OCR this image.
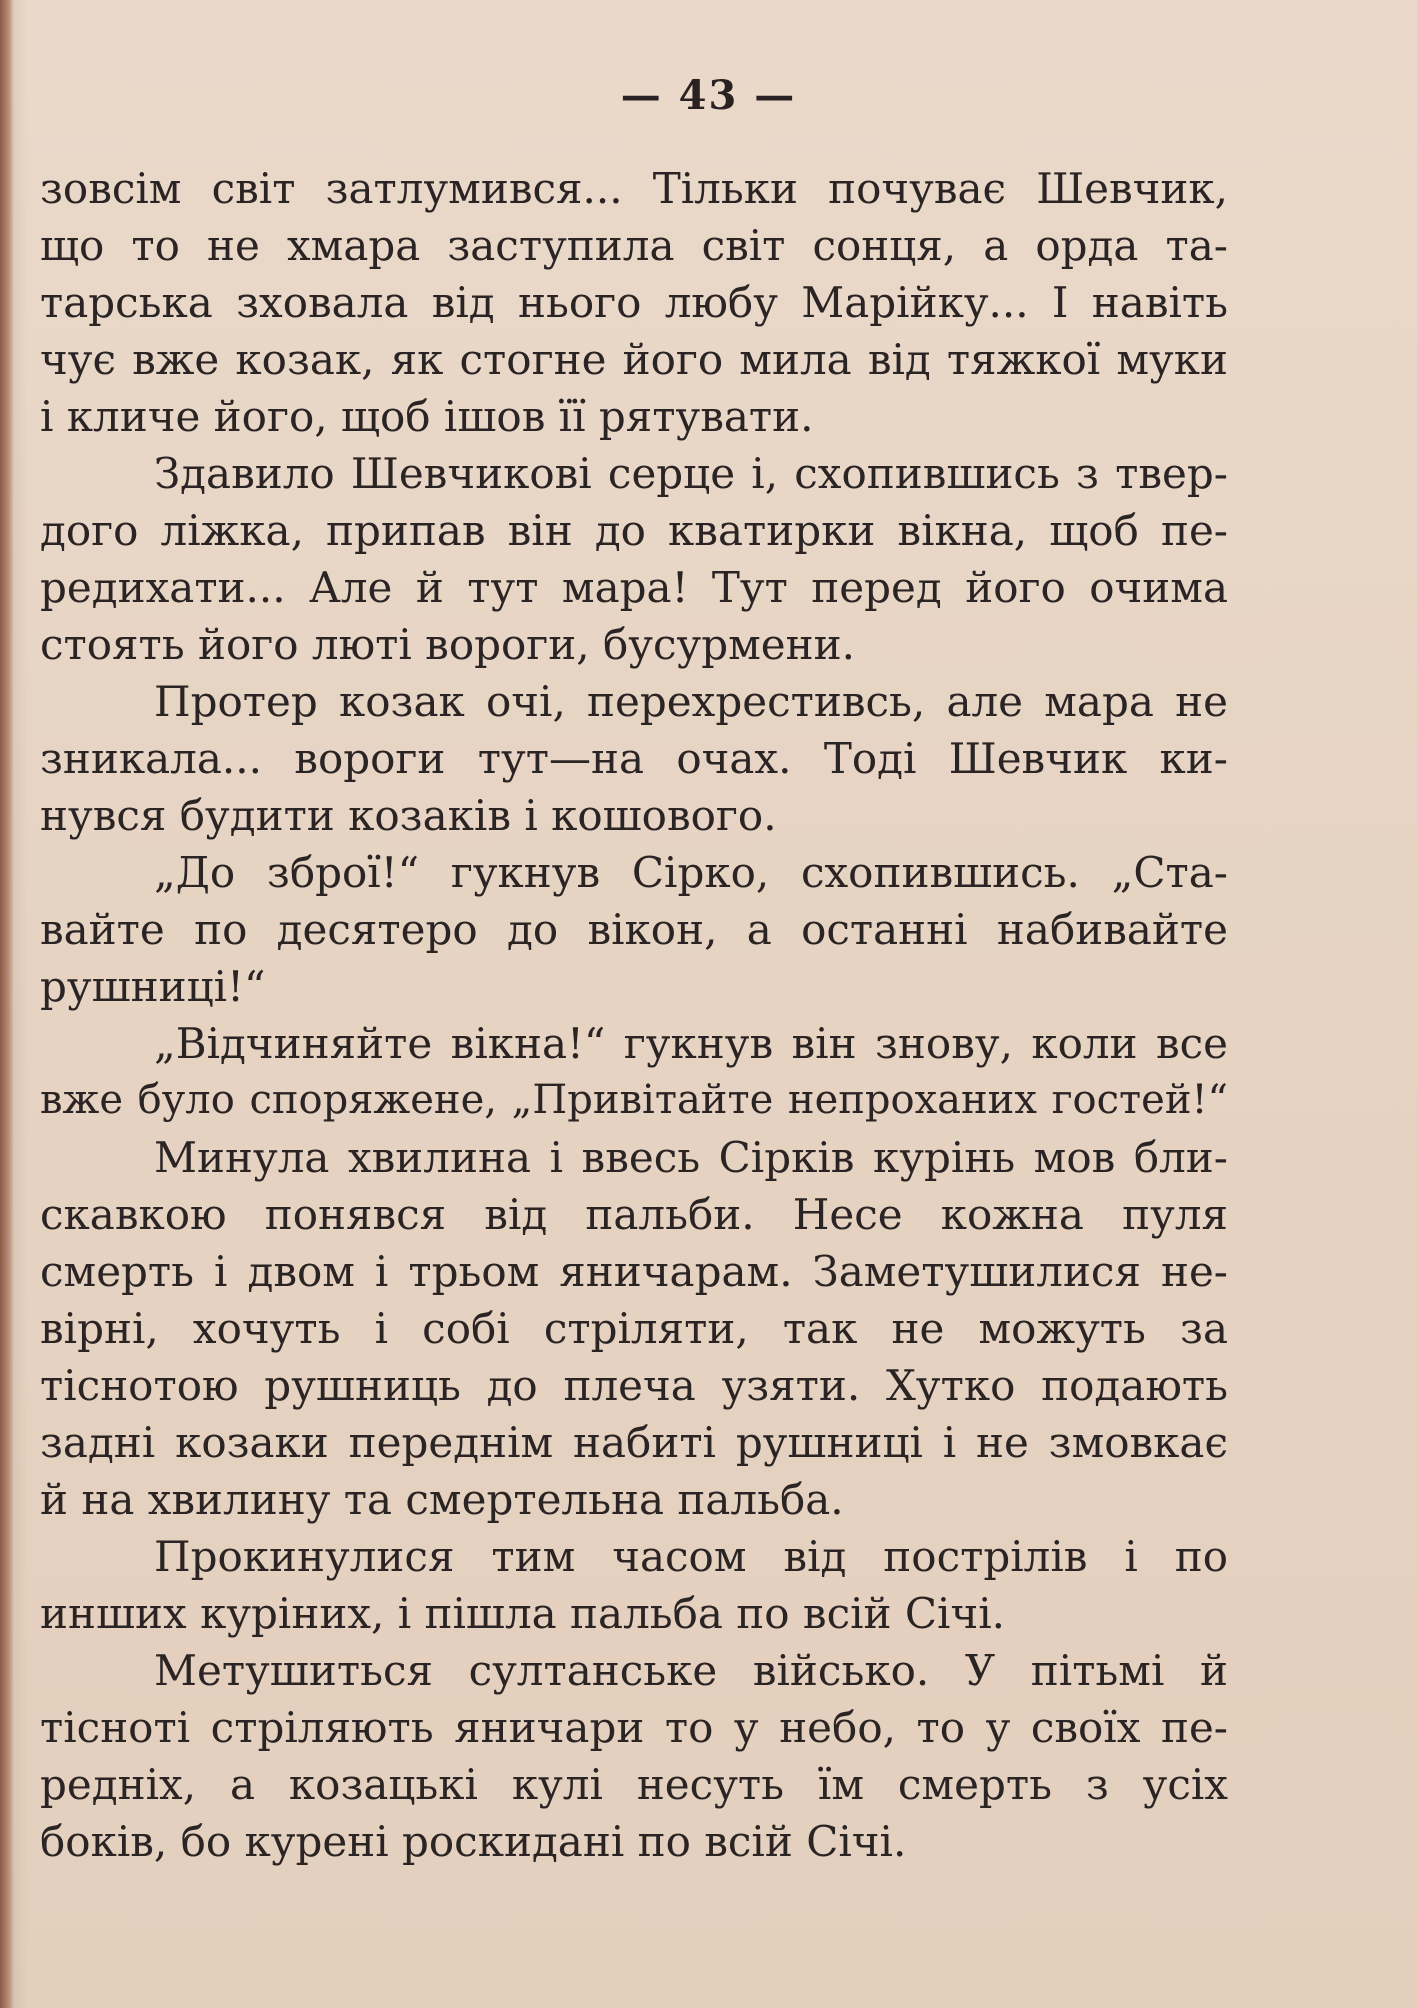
— 43 —
зовсім світ затлумився... Тільки почуває Шевчик,
що то не хмара заступила світ сонця, а орда та-
тарська зховала від нього любу Марійку... І навіть
чує вже козак, як стогне його мила від тяжкої муки
і кличе його, щоб ішов її рятувати.
Здавило Шевчикові серце і, схопившись з твер-
дого ліжка, припав він до кватирки вікна, щоб пе-
редихати... Але й тут мара! Тут перед його очима
стоять його люті вороги, бусурмени.
Протер козак очі, перехрестивсь, але мара не
зникала... вороги тут—на очах. Тоді Шевчик ки-
нувся будити козаків і кошового.
„До зброї!“ гукнув Сірко, схопившись. „Ста-
вайте по десятеро до вікон, а останні набивайте
рушниці!“
„Відчиняйте вікна!“ гукнув він знову, коли все
вже було споряжене, „Привітайте непроханих гостей!“
Минула хвилина і ввесь Сірків курінь мов бли-
скавкою понявся від пальби. Несе кожна пуля
смерть і двом і трьом яничарам. Заметушилися не-
вірні, хочуть і собі стріляти, так не можуть за
тіснотою рушниць до плеча узяти. Хутко подають
задні козаки переднім набиті рушниці і не змовкає
й на хвилину та смертельна пальба.
Прокинулися тим часом від пострілів і по
инших куріних, і пішла пальба по всій Січі.
Метушиться султанське військо. У пітьмі й
тіснoті стріляють яничари то у небо, то у своїх пе-
редніх, а козацькі кулі несуть їм смерть з усіх
боків, бо курені роскидані по всій Січі.
